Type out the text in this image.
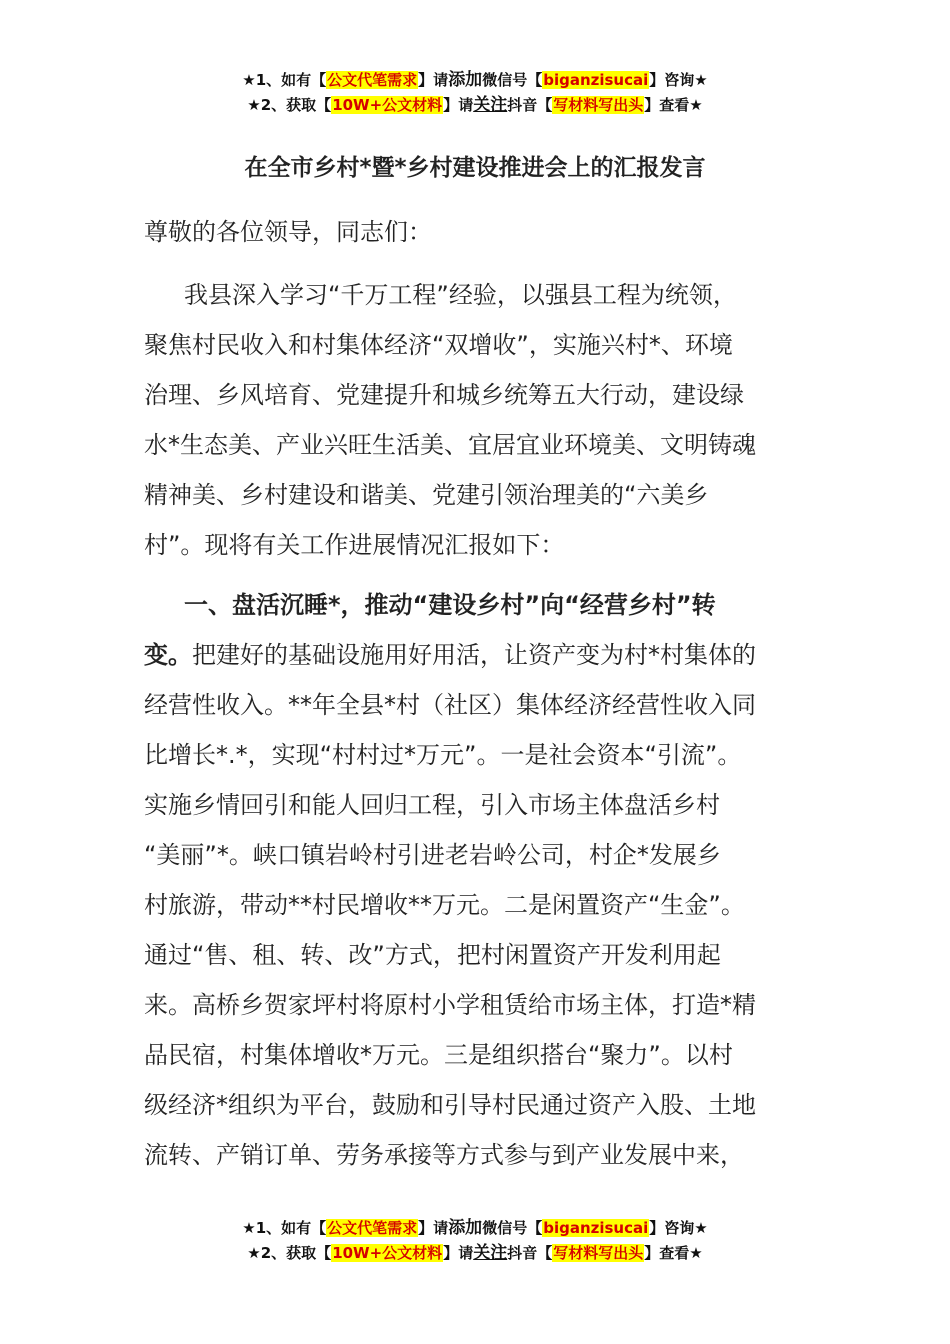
★1、如有【公文代笔需求】请添加微信号【biganzisucai】咨询★
★2、获取【10W+公文材料】请关注抖音【写材料写出头】查看★
在全市乡村*暨*乡村建设推进会上的汇报发言
尊敬的各位领导，同志们：
我县深入学习“千万工程”经验，以强县工程为统领，
聚焦村民收入和村集体经济“双增收”，实施兴村*、环境
治理、乡风培育、党建提升和城乡统筹五大行动，建设绿
水*生态美、产业兴旺生活美、宜居宜业环境美、文明铸魂
精神美、乡村建设和谐美、党建引领治理美的“六美乡
村”。现将有关工作进展情况汇报如下：
一、盘活沉睡*，推动“建设乡村”向“经营乡村”转
变。把建好的基础设施用好用活，让资产变为村*村集体的
经营性收入。**年全县*村（社区）集体经济经营性收入同
比增长*.*，实现“村村过*万元”。一是社会资本“引流”。
实施乡情回引和能人回归工程，引入市场主体盘活乡村
“美丽”*。峡口镇岩岭村引进老岩岭公司，村企*发展乡
村旅游，带动**村民增收**万元。二是闲置资产“生金”。
通过“售、租、转、改”方式，把村闲置资产开发利用起
来。高桥乡贺家坪村将原村小学租赁给市场主体，打造*精
品民宿，村集体增收*万元。三是组织搭台“聚力”。以村
级经济*组织为平台，鼓励和引导村民通过资产入股、土地
流转、产销订单、劳务承接等方式参与到产业发展中来，
★1、如有【公文代笔需求】请添加微信号【biganzisucai】咨询★
★2、获取【10W+公文材料】请关注抖音【写材料写出头】查看★
